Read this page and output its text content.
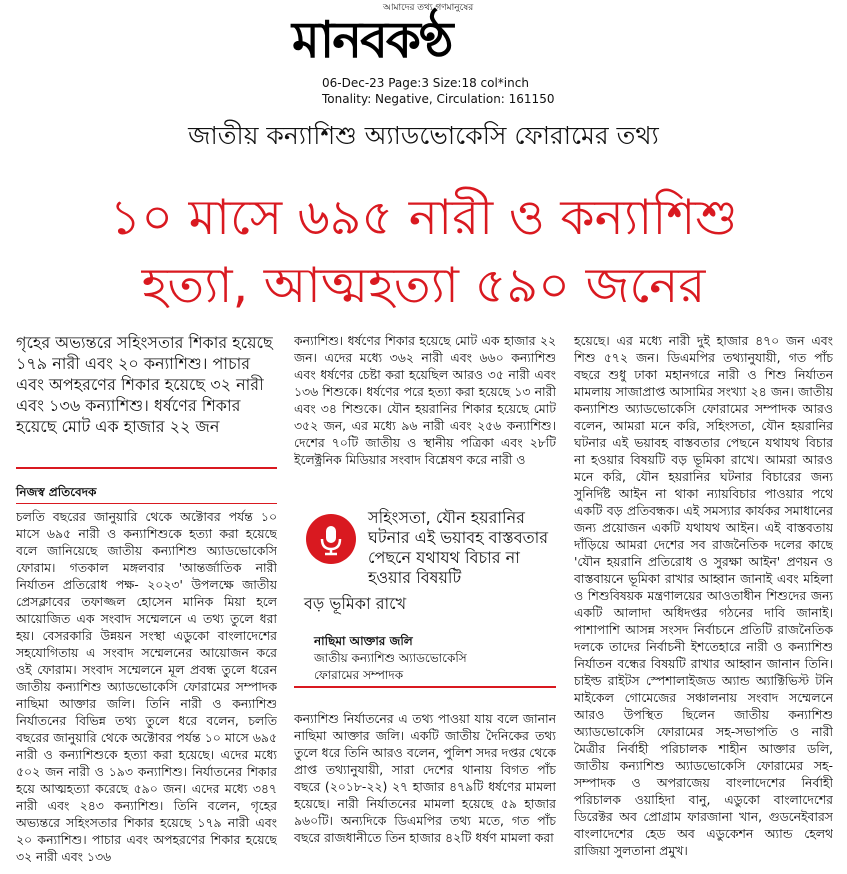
আমাদের তথ্য গণমানুষের
মানবকণ্ঠ
06-Dec-23 Page:3 Size:18 col*inch
Tonality: Negative, Circulation: 161150
জাতীয় কন্যাশিশু অ্যাডভোকেসি ফোরামের তথ্য
১০ মাসে ৬৯৫ নারী ও কন্যাশিশু
হত্যা, আত্মহত্যা ৫৯০ জনের
গৃহের অভ্যন্তরে সহিংসতার শিকার হয়েছে ১৭৯ নারী এবং ২০ কন্যাশিশু। পাচার এবং অপহরণের শিকার হয়েছে ৩২ নারী এবং ১৩৬ কন্যাশিশু। ধর্ষণের শিকার হয়েছে মোট এক হাজার ২২ জন
নিজস্ব প্রতিবেদক
চলতি বছরের জানুয়ারি থেকে অক্টোবর পর্যন্ত ১০ মাসে ৬৯৫ নারী ও কন্যাশিশুকে হত্যা করা হয়েছে বলে জানিয়েছে জাতীয় কন্যাশিশু অ্যাডভোকেসি ফোরাম। গতকাল মঙ্গলবার 'আন্তর্জাতিক নারী নির্যাতন প্রতিরোধ পক্ষ- ২০২৩' উপলক্ষে জাতীয় প্রেসক্লাবের তফাজ্জল হোসেন মানিক মিয়া হলে আয়োজিত এক সংবাদ সম্মেলনে এ তথ্য তুলে ধরা হয়। বেসরকারি উন্নয়ন সংস্থা এডুকো বাংলাদেশের সহযোগিতায় এ সংবাদ সম্মেলনের আয়োজন করে ওই ফোরাম। সংবাদ সম্মেলনে মূল প্রবন্ধ তুলে ধরেন জাতীয় কন্যাশিশু অ্যাডভোকেসি ফোরামের সম্পাদক নাছিমা আক্তার জলি। তিনি নারী ও কন্যাশিশু নির্যাতনের বিভিন্ন তথ্য তুলে ধরে বলেন, চলতি বছরের জানুয়ারি থেকে অক্টোবর পর্যন্ত ১০ মাসে ৬৯৫ নারী ও কন্যাশিশুকে হত্যা করা হয়েছে। এদের মধ্যে ৫০২ জন নারী ও ১৯৩ কন্যাশিশু। নির্যাতনের শিকার হয়ে আত্মহত্যা করেছে ৫৯০ জন। এদের মধ্যে ৩৪৭ নারী এবং ২৪৩ কন্যাশিশু। তিনি বলেন, গৃহের অভ্যন্তরে সহিংসতার শিকার হয়েছে ১৭৯ নারী এবং ২০ কন্যাশিশু। পাচার এবং অপহরণের শিকার হয়েছে ৩২ নারী এবং ১৩৬
কন্যাশিশু। ধর্ষণের শিকার হয়েছে মোট এক হাজার ২২ জন। এদের মধ্যে ৩৬২ নারী এবং ৬৬০ কন্যাশিশু এবং ধর্ষণের চেষ্টা করা হয়েছিল আরও ৩৫ নারী এবং ১৩৬ শিশুকে। ধর্ষণের পরে হত্যা করা হয়েছে ১৩ নারী এবং ৩৪ শিশুকে। যৌন হয়রানির শিকার হয়েছে মোট ৩৫২ জন, এর মধ্যে ৯৬ নারী এবং ২৫৬ কন্যাশিশু। দেশের ৭০টি জাতীয় ও স্থানীয় পত্রিকা এবং ২৮টি ইলেক্ট্রনিক মিডিয়ার সংবাদ বিশ্লেষণ করে নারী ও
সহিংসতা, যৌন হয়রানির ঘটনার এই ভয়াবহ বাস্তবতার পেছনে যথাযথ বিচার না হওয়ার বিষয়টি
বড় ভূমিকা রাখে
নাছিমা আক্তার জলি
জাতীয় কন্যাশিশু অ্যাডভোকেসি
ফোরামের সম্পাদক
কন্যাশিশু নির্যাতনের এ তথ্য পাওয়া যায় বলে জানান নাছিমা আক্তার জলি। একটি জাতীয় দৈনিকের তথ্য তুলে ধরে তিনি আরও বলেন, পুলিশ সদর দপ্তর থেকে প্রাপ্ত তথ্যানুযায়ী, সারা দেশের থানায় বিগত পাঁচ বছরে (২০১৮-২২) ২৭ হাজার ৪৭৯টি ধর্ষণের মামলা হয়েছে। নারী নির্যাতনের মামলা হয়েছে ৫৯ হাজার ৯৬০টি। অন্যদিকে ডিএমপির তথ্য মতে, গত পাঁচ বছরে রাজধানীতে তিন হাজার ৪২টি ধর্ষণ মামলা করা
হয়েছে। এর মধ্যে নারী দুই হাজার ৪৭০ জন এবং শিশু ৫৭২ জন। ডিএমপির তথ্যানুযায়ী, গত পাঁচ বছরে শুধু ঢাকা মহানগরে নারী ও শিশু নির্যাতন মামলায় সাজাপ্রাপ্ত আসামির সংখ্যা ২৪ জন। জাতীয় কন্যাশিশু অ্যাডভোকেসি ফোরামের সম্পাদক আরও বলেন, আমরা মনে করি, সহিংসতা, যৌন হয়রানির ঘটনার এই ভয়াবহ বাস্তবতার পেছনে যথাযথ বিচার না হওয়ার বিষয়টি বড় ভূমিকা রাখে। আমরা আরও মনে করি, যৌন হয়রানির ঘটনার বিচারের জন্য সুনির্দিষ্ট আইন না থাকা ন্যায়বিচার পাওয়ার পথে একটি বড় প্রতিবন্ধক। এই সমস্যার কার্যকর সমাধানের জন্য প্রয়োজন একটি যথাযথ আইন। এই বাস্তবতায় দাঁড়িয়ে আমরা দেশের সব রাজনৈতিক দলের কাছে 'যৌন হয়রানি প্রতিরোধ ও সুরক্ষা আইন' প্রণয়ন ও বাস্তবায়নে ভূমিকা রাখার আহ্বান জানাই এবং মহিলা ও শিশুবিষয়ক মন্ত্রণালয়ের আওতাধীন শিশুদের জন্য একটি আলাদা অধিদপ্তর গঠনের দাবি জানাই। পাশাপাশি আসন্ন সংসদ নির্বাচনে প্রতিটি রাজনৈতিক দলকে তাদের নির্বাচনী ইশতেহারে নারী ও কন্যাশিশু নির্যাতন বন্ধের বিষয়টি রাখার আহ্বান জানান তিনি। চাইল্ড রাইটস স্পেশালাইজড অ্যান্ড অ্যাক্টিভিস্ট টনি মাইকেল গোমেজের সঞ্চালনায় সংবাদ সম্মেলনে আরও উপস্থিত ছিলেন জাতীয় কন্যাশিশু অ্যাডভোকেসি ফোরামের সহ-সভাপতি ও নারী মৈত্রীর নির্বাহী পরিচালক শাহীন আক্তার ডলি, জাতীয় কন্যাশিশু অ্যাডভোকেসি ফোরামের সহ-সম্পাদক ও অপরাজেয় বাংলাদেশের নির্বাহী পরিচালক ওয়াহিদা বানু, এডুকো বাংলাদেশের ডিরেক্টর অব প্রোগ্রাম ফারজানা খান, গুডনেইবারস বাংলাদেশের হেড অব এডুকেশন অ্যান্ড হেলথ রাজিয়া সুলতানা প্রমুখ।
